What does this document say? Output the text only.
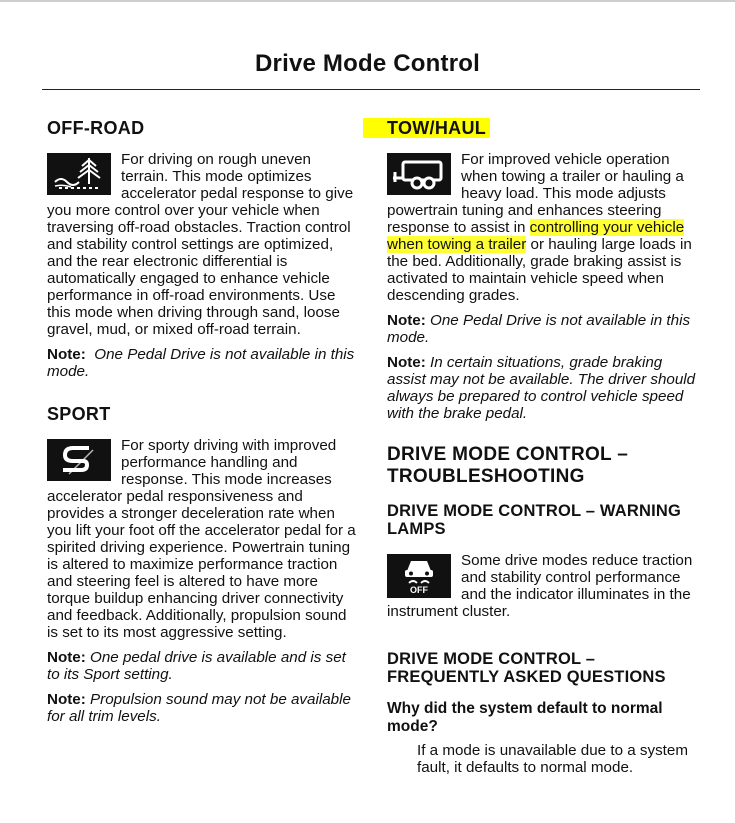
Drive Mode Control
OFF-ROAD

For driving on rough uneven terrain. This mode optimizes accelerator pedal response to give you more control over your vehicle when traversing off-road obstacles. Traction control and stability control settings are optimized, and the rear electronic differential is automatically engaged to enhance vehicle performance in off-road environments. Use this mode when driving through sand, loose gravel, mud, or mixed off-road terrain.

Note: One Pedal Drive is not available in this mode.
SPORT

For sporty driving with improved performance handling and response. This mode increases accelerator pedal responsiveness and provides a stronger deceleration rate when you lift your foot off the accelerator pedal for a spirited driving experience. Powertrain tuning is altered to maximize performance traction and steering feel is altered to have more torque buildup enhancing driver connectivity and feedback. Additionally, propulsion sound is set to its most aggressive setting.

Note: One pedal drive is available and is set to its Sport setting.
Note: Propulsion sound may not be available for all trim levels.
TOW/HAUL

For improved vehicle operation when towing a trailer or hauling a heavy load. This mode adjusts powertrain tuning and enhances steering response to assist in controlling your vehicle when towing a trailer or hauling large loads in the bed. Additionally, grade braking assist is activated to maintain vehicle speed when descending grades.

Note: One Pedal Drive is not available in this mode.
Note: In certain situations, grade braking assist may not be available. The driver should always be prepared to control vehicle speed with the brake pedal.
DRIVE MODE CONTROL – TROUBLESHOOTING
DRIVE MODE CONTROL – WARNING LAMPS
OFF

Some drive modes reduce traction and stability control performance and the indicator illuminates in the instrument cluster.

DRIVE MODE CONTROL – FREQUENTLY ASKED QUESTIONS
Why did the system default to normal mode?
If a mode is unavailable due to a system fault, it defaults to normal mode.
